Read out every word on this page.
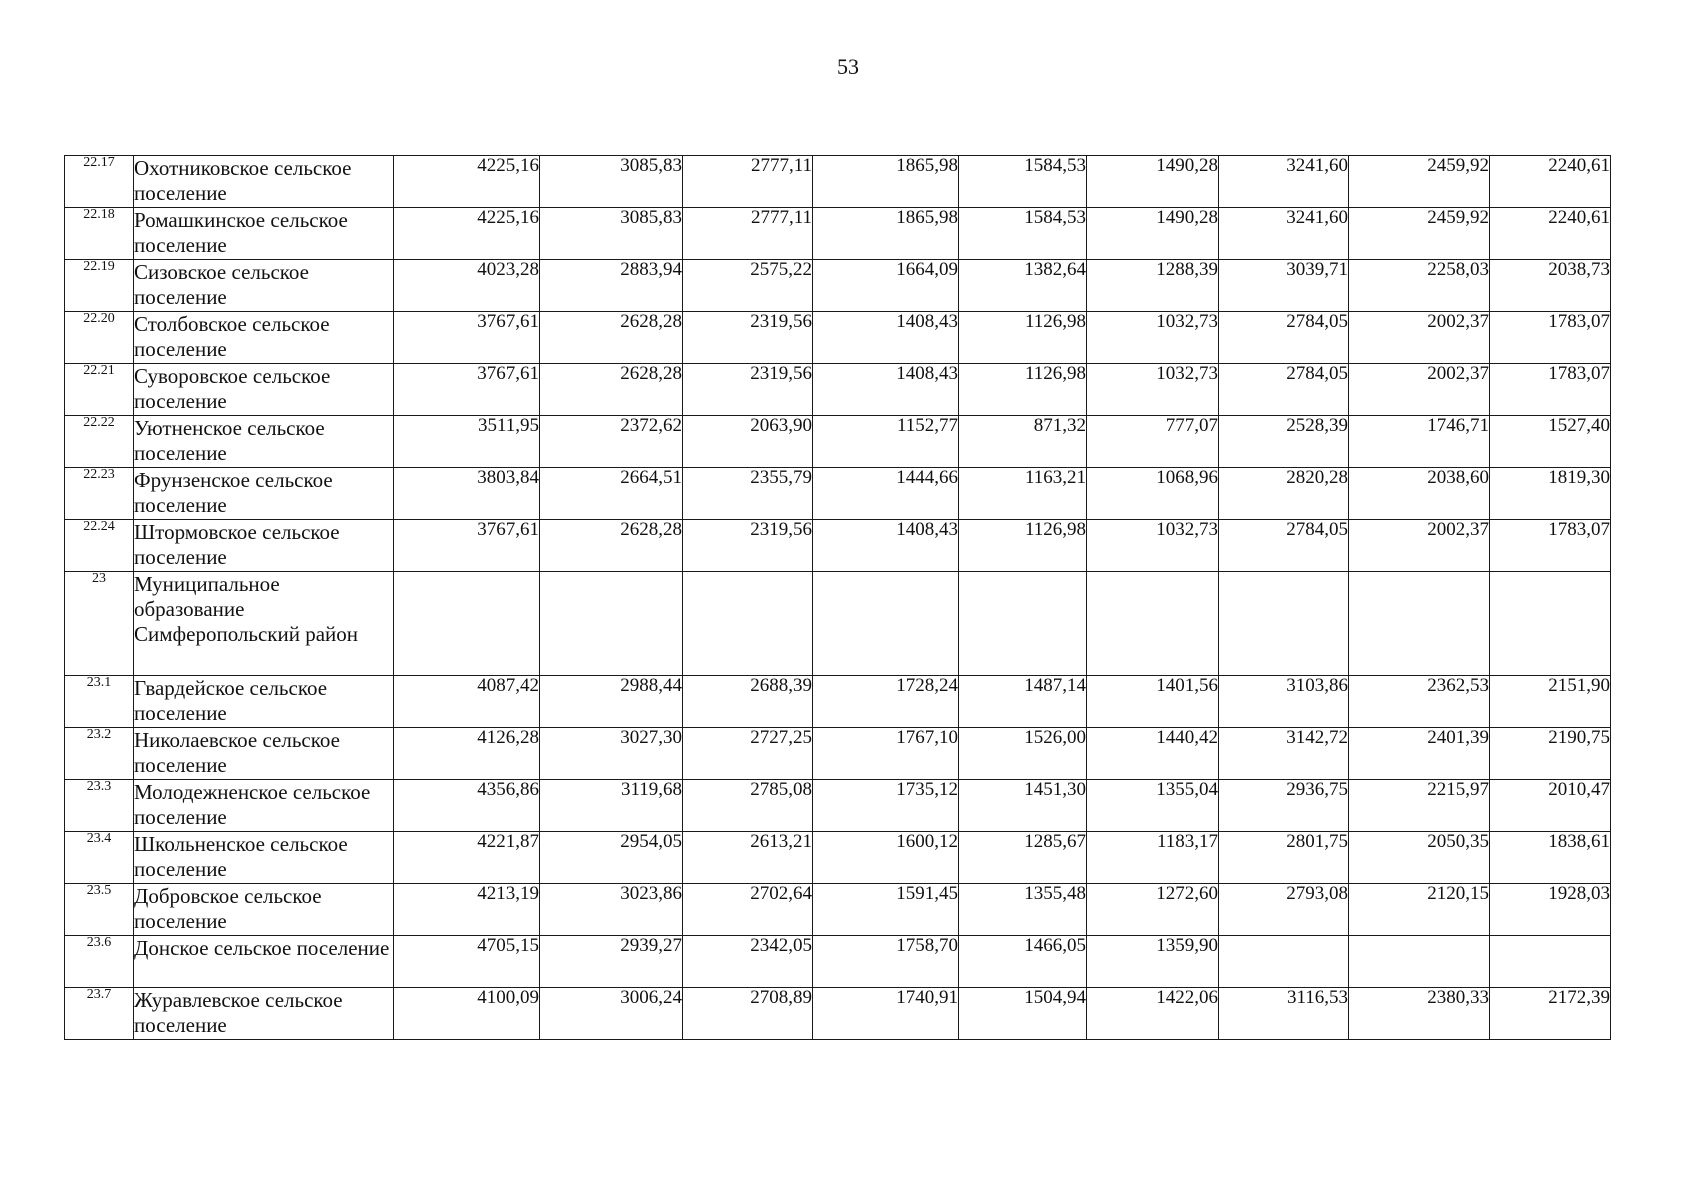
53
22.17	Охотниковское сельское поселение	4225,16	3085,83	2777,11	1865,98	1584,53	1490,28	3241,60	2459,92	2240,61
22.18	Ромашкинское сельское поселение	4225,16	3085,83	2777,11	1865,98	1584,53	1490,28	3241,60	2459,92	2240,61
22.19	Сизовское сельское поселение	4023,28	2883,94	2575,22	1664,09	1382,64	1288,39	3039,71	2258,03	2038,73
22.20	Столбовское сельское поселение	3767,61	2628,28	2319,56	1408,43	1126,98	1032,73	2784,05	2002,37	1783,07
22.21	Суворовское сельское поселение	3767,61	2628,28	2319,56	1408,43	1126,98	1032,73	2784,05	2002,37	1783,07
22.22	Уютненское сельское поселение	3511,95	2372,62	2063,90	1152,77	871,32	777,07	2528,39	1746,71	1527,40
22.23	Фрунзенское сельское поселение	3803,84	2664,51	2355,79	1444,66	1163,21	1068,96	2820,28	2038,60	1819,30
22.24	Штормовское сельское поселение	3767,61	2628,28	2319,56	1408,43	1126,98	1032,73	2784,05	2002,37	1783,07
23	Муниципальное образование Симферопольский район									
23.1	Гвардейское сельское поселение	4087,42	2988,44	2688,39	1728,24	1487,14	1401,56	3103,86	2362,53	2151,90
23.2	Николаевское сельское поселение	4126,28	3027,30	2727,25	1767,10	1526,00	1440,42	3142,72	2401,39	2190,75
23.3	Молодежненское сельское поселение	4356,86	3119,68	2785,08	1735,12	1451,30	1355,04	2936,75	2215,97	2010,47
23.4	Школьненское сельское поселение	4221,87	2954,05	2613,21	1600,12	1285,67	1183,17	2801,75	2050,35	1838,61
23.5	Добровское сельское поселение	4213,19	3023,86	2702,64	1591,45	1355,48	1272,60	2793,08	2120,15	1928,03
23.6	Донское сельское поселение	4705,15	2939,27	2342,05	1758,70	1466,05	1359,90			
23.7	Журавлевское сельское поселение	4100,09	3006,24	2708,89	1740,91	1504,94	1422,06	3116,53	2380,33	2172,39
